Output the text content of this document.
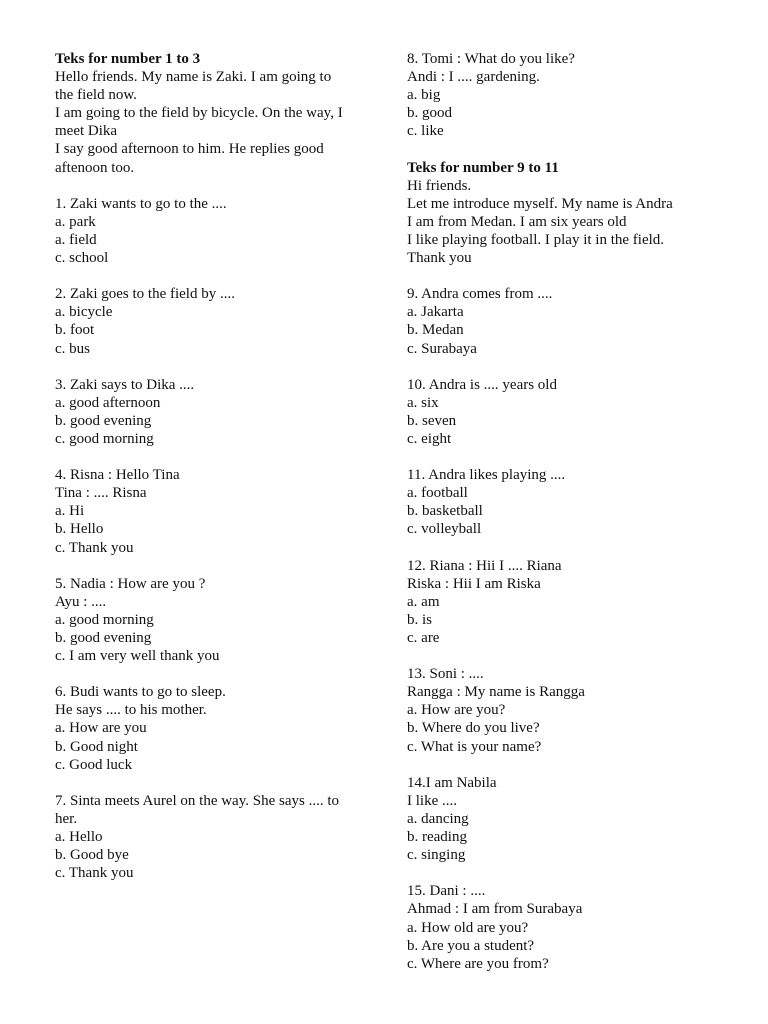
Teks for number 1 to 3
Hello friends. My name is Zaki. I am going to
the field now.
I am going to the field by bicycle. On the way, I
meet Dika
I say good afternoon to him. He replies good
aftenoon too.
1. Zaki wants to go to the ....
a. park
a. field
c. school
2. Zaki goes to the field by ....
a. bicycle
b. foot
c. bus
3. Zaki says to Dika ....
a. good afternoon
b. good evening
c. good morning
4. Risna : Hello Tina
Tina : .... Risna
a. Hi
b. Hello
c. Thank you
5. Nadia : How are you ?
Ayu : ....
a. good morning
b. good evening
c. I am very well thank you
6. Budi wants to go to sleep.
He says .... to his mother.
a. How are you
b. Good night
c. Good luck
7. Sinta meets Aurel on the way. She says .... to
her.
a. Hello
b. Good bye
c. Thank you
8. Tomi : What do you like?
Andi : I .... gardening.
a. big
b. good
c. like
Teks for number 9 to 11
Hi friends.
Let me introduce myself. My name is Andra
I am from Medan. I am six years old
I like playing football. I play it in the field.
Thank you
9. Andra comes from ....
a. Jakarta
b. Medan
c. Surabaya
10. Andra is .... years old
a. six
b. seven
c. eight
11. Andra likes playing ....
a. football
b. basketball
c. volleyball
12. Riana : Hii I .... Riana
Riska : Hii I am Riska
a. am
b. is
c. are
13. Soni : ....
Rangga : My name is Rangga
a. How are you?
b. Where do you live?
c. What is your name?
14.I am Nabila
I like ....
a. dancing
b. reading
c. singing
15. Dani : ....
Ahmad : I am from Surabaya
a. How old are you?
b. Are you a student?
c. Where are you from?
